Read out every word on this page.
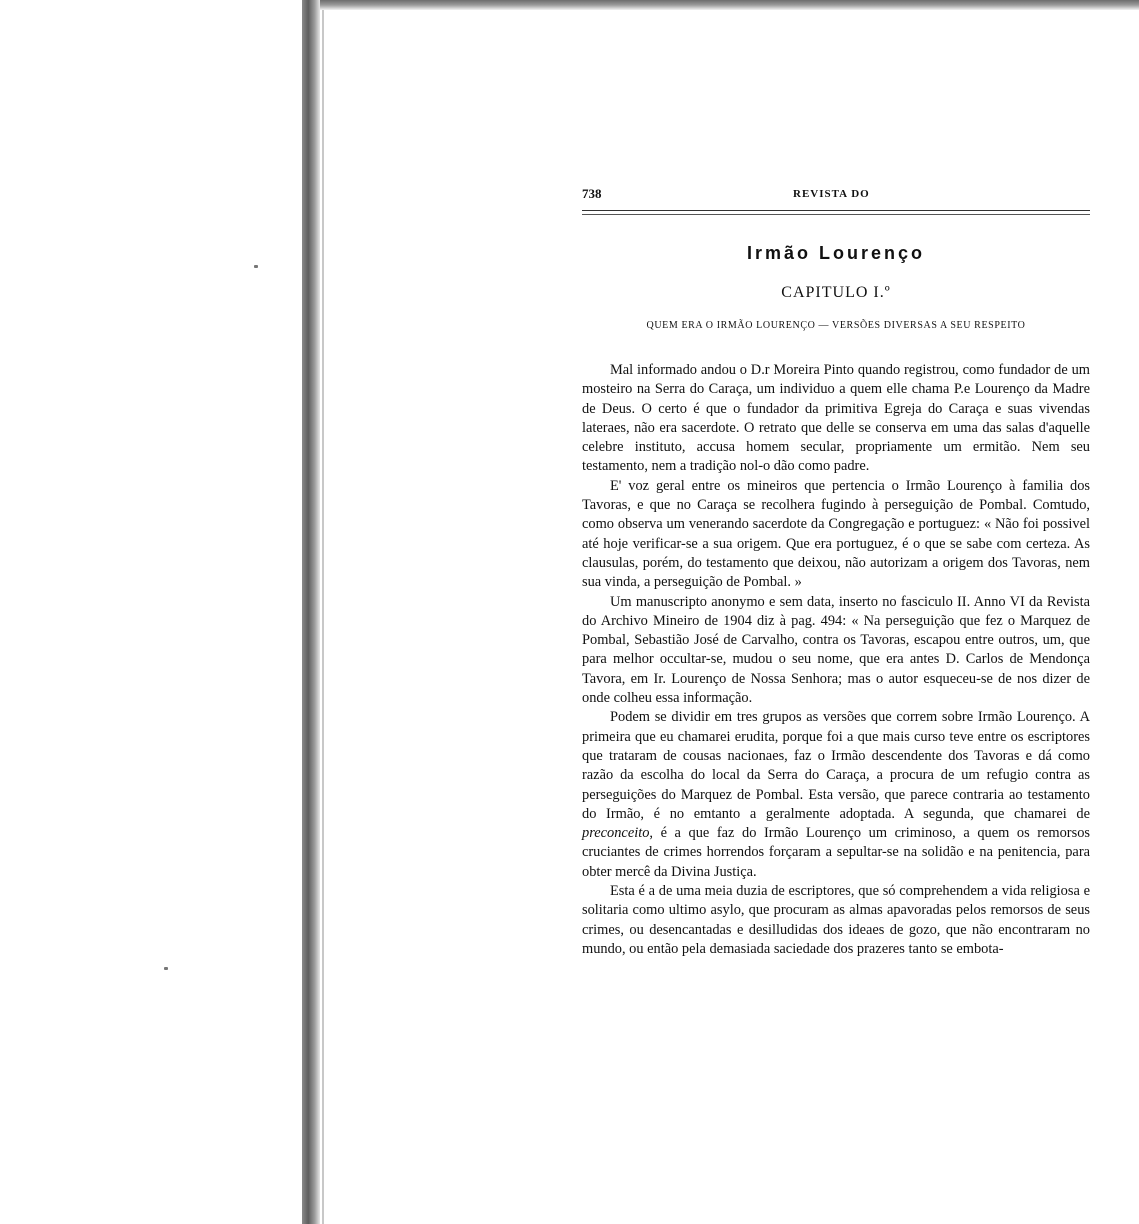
738	REVISTA DO
Irmão Lourenço
CAPITULO I.º
QUEM ERA O IRMÃO LOURENÇO — VERSÕES DIVERSAS A SEU RESPEITO

Mal informado andou o D.r Moreira Pinto quando registrou, como fundador de um mosteiro na Serra do Caraça, um individuo a quem elle chama P.e Lourenço da Madre de Deus. O certo é que o fundador da primitiva Egreja do Caraça e suas vivendas lateraes, não era sacerdote. O retrato que delle se conserva em uma das salas d'aquelle celebre instituto, accusa homem secular, propriamente um ermitão. Nem seu testamento, nem a tradição nol-o dão como padre.

E' voz geral entre os mineiros que pertencia o Irmão Lourenço à familia dos Tavoras, e que no Caraça se recolhera fugindo à perseguição de Pombal. Comtudo, como observa um venerando sacerdote da Congregação e portuguez: « Não foi possivel até hoje verificar-se a sua origem. Que era portuguez, é o que se sabe com certeza. As clausulas, porém, do testamento que deixou, não autorizam a origem dos Tavoras, nem sua vinda, a perseguição de Pombal. »

Um manuscripto anonymo e sem data, inserto no fasciculo II. Anno VI da Revista do Archivo Mineiro de 1904 diz à pag. 494: « Na perseguição que fez o Marquez de Pombal, Sebastião José de Carvalho, contra os Tavoras, escapou entre outros, um, que para melhor occultar-se, mudou o seu nome, que era antes D. Carlos de Mendonça Tavora, em Ir. Lourenço de Nossa Senhora; mas o autor esqueceu-se de nos dizer de onde colheu essa informação.

Podem se dividir em tres grupos as versões que correm sobre Irmão Lourenço. A primeira que eu chamarei erudita, porque foi a que mais curso teve entre os escriptores que trataram de cousas nacionaes, faz o Irmão descendente dos Tavoras e dá como razão da escolha do local da Serra do Caraça, a procura de um refugio contra as perseguições do Marquez de Pombal. Esta versão, que parece contraria ao testamento do Irmão, é no emtanto a geralmente adoptada. A segunda, que chamarei de preconceito, é a que faz do Irmão Lourenço um criminoso, a quem os remorsos cruciantes de crimes horrendos forçaram a sepultar-se na solidão e na penitencia, para obter mercê da Divina Justiça.

Esta é a de uma meia duzia de escriptores, que só comprehendem a vida religiosa e solitaria como ultimo asylo, que procuram as almas apavoradas pelos remorsos de seus crimes, ou desencantadas e desilludidas dos ideaes de gozo, que não encontraram no mundo, ou então pela demasiada saciedade dos prazeres tanto se embota-
